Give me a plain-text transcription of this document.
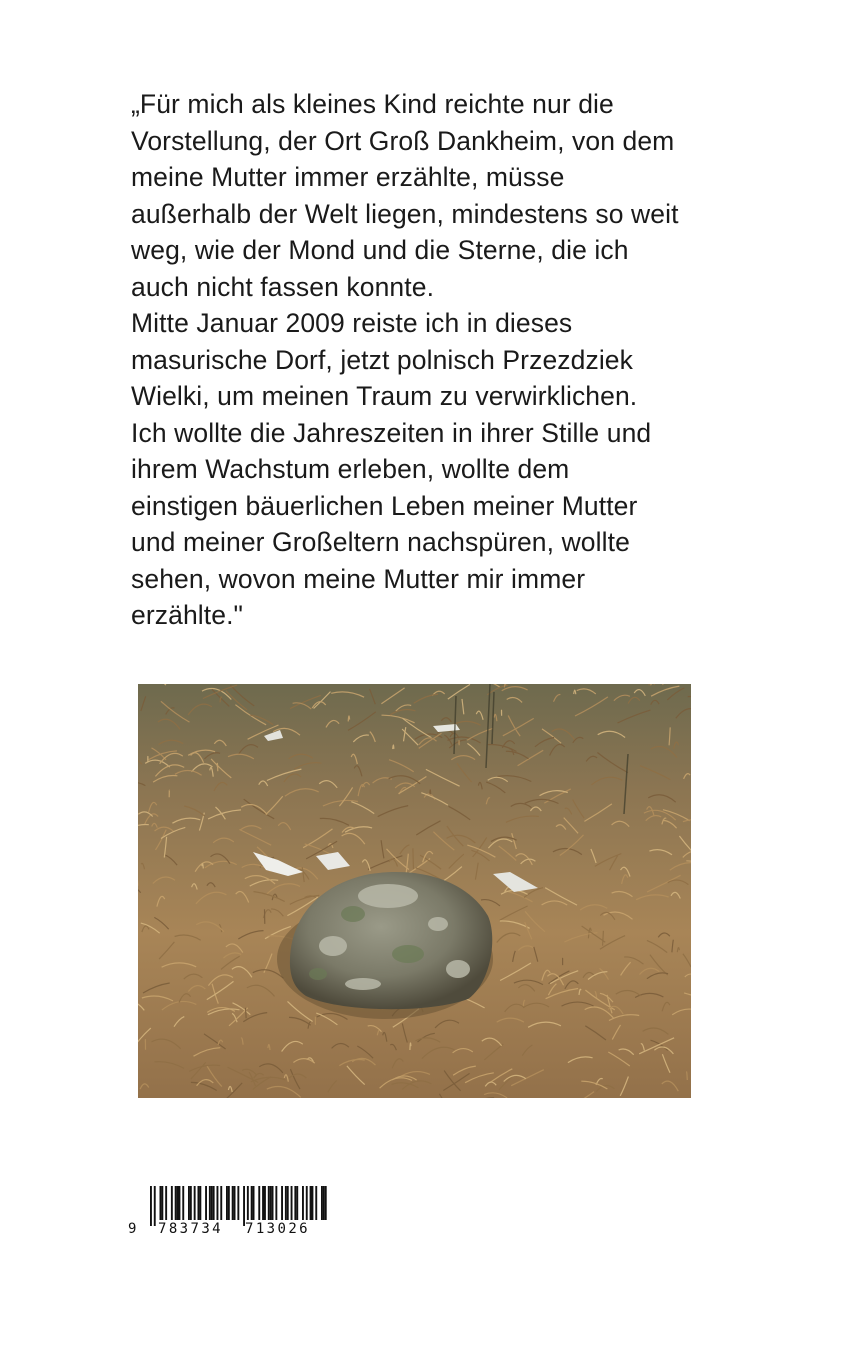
„Für mich als kleines Kind reichte nur die
Vorstellung, der Ort Groß Dankheim, von dem
meine Mutter immer erzählte, müsse
außerhalb der Welt liegen, mindestens so weit
weg, wie der Mond und die Sterne, die ich
auch nicht fassen konnte.

Mitte Januar 2009 reiste ich in dieses
masurische Dorf, jetzt polnisch Przezdziek
Wielki, um meinen Traum zu verwirklichen.
Ich wollte die Jahreszeiten in ihrer Stille und
ihrem Wachstum erleben, wollte dem
einstigen bäuerlichen Leben meiner Mutter
und meiner Großeltern nachspüren, wollte
sehen, wovon meine Mutter mir immer
erzählte."

9 783734 713026
